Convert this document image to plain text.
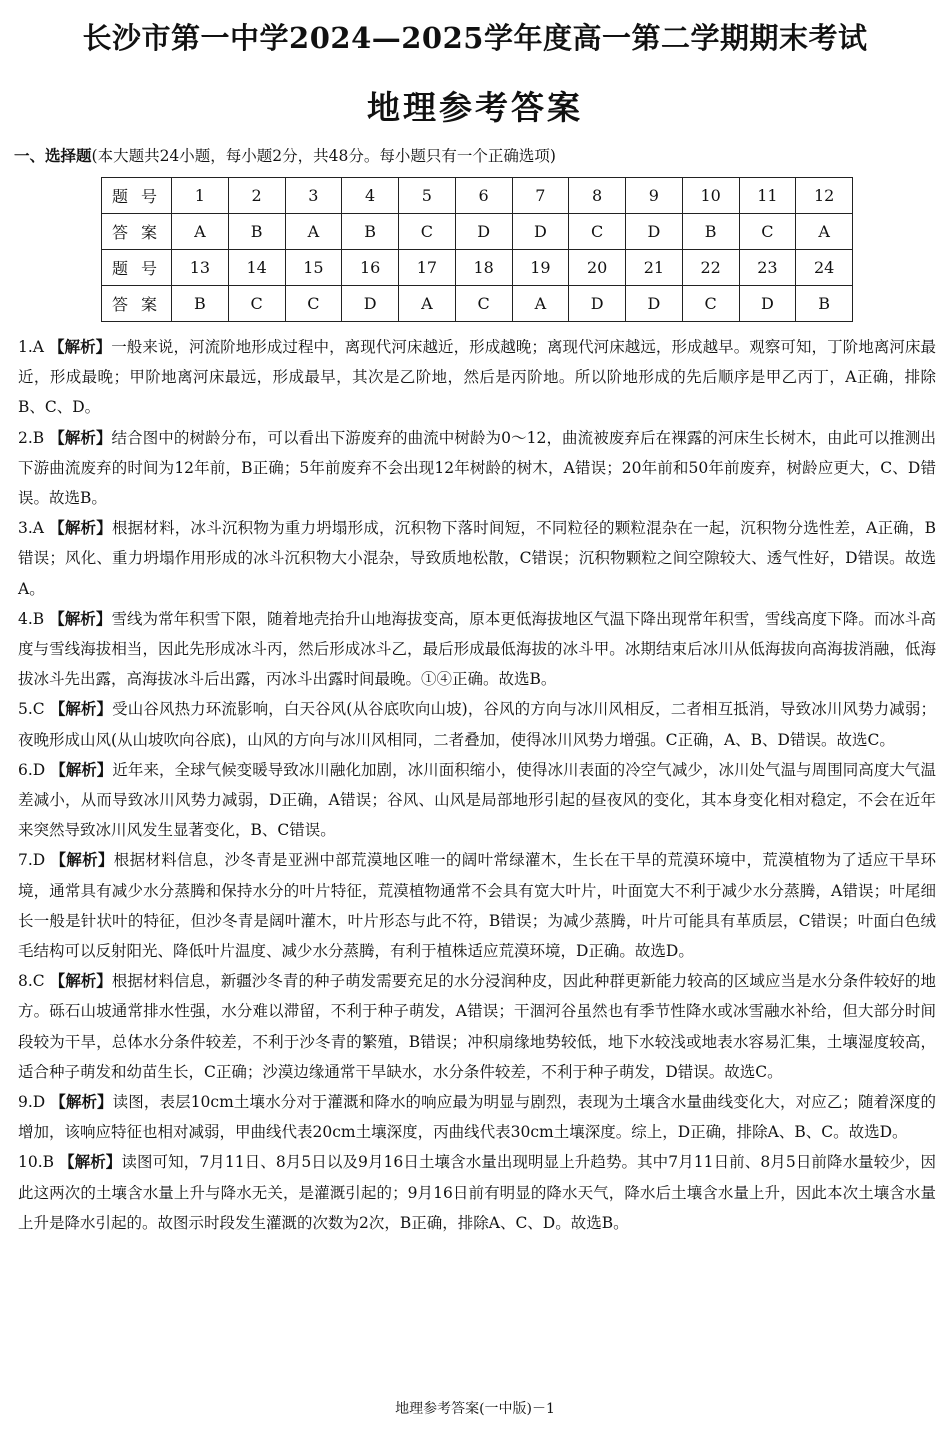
长沙市第一中学2024—2025学年度高一第二学期期末考试
地理参考答案
一、选择题(本大题共24小题，每小题2分，共48分。每小题只有一个正确选项)
题 号	1	2	3	4	5	6	7	8	9	10	11	12
答 案	A	B	A	B	C	D	D	C	D	B	C	A
题 号	13	14	15	16	17	18	19	20	21	22	23	24
答 案	B	C	C	D	A	C	A	D	D	C	D	B

1.A 【解析】一般来说，河流阶地形成过程中，离现代河床越近，形成越晚；离现代河床越远，形成越早。观察可知，丁阶地离河床最近，形成最晚；甲阶地离河床最远，形成最早，其次是乙阶地，然后是丙阶地。所以阶地形成的先后顺序是甲乙丙丁，A正确，排除B、C、D。

2.B 【解析】结合图中的树龄分布，可以看出下游废弃的曲流中树龄为0～12，曲流被废弃后在裸露的河床生长树木，由此可以推测出下游曲流废弃的时间为12年前，B正确；5年前废弃不会出现12年树龄的树木，A错误；20年前和50年前废弃，树龄应更大，C、D错误。故选B。

3.A 【解析】根据材料，冰斗沉积物为重力坍塌形成，沉积物下落时间短，不同粒径的颗粒混杂在一起，沉积物分选性差，A正确，B错误；风化、重力坍塌作用形成的冰斗沉积物大小混杂，导致质地松散，C错误；沉积物颗粒之间空隙较大、透气性好，D错误。故选A。

4.B 【解析】雪线为常年积雪下限，随着地壳抬升山地海拔变高，原本更低海拔地区气温下降出现常年积雪，雪线高度下降。而冰斗高度与雪线海拔相当，因此先形成冰斗丙，然后形成冰斗乙，最后形成最低海拔的冰斗甲。冰期结束后冰川从低海拔向高海拔消融，低海拔冰斗先出露，高海拔冰斗后出露，丙冰斗出露时间最晚。①④正确。故选B。

5.C 【解析】受山谷风热力环流影响，白天谷风(从谷底吹向山坡)，谷风的方向与冰川风相反，二者相互抵消，导致冰川风势力减弱；夜晚形成山风(从山坡吹向谷底)，山风的方向与冰川风相同，二者叠加，使得冰川风势力增强。C正确，A、B、D错误。故选C。

6.D 【解析】近年来，全球气候变暖导致冰川融化加剧，冰川面积缩小，使得冰川表面的冷空气减少，冰川处气温与周围同高度大气温差减小，从而导致冰川风势力减弱，D正确，A错误；谷风、山风是局部地形引起的昼夜风的变化，其本身变化相对稳定，不会在近年来突然导致冰川风发生显著变化，B、C错误。

7.D 【解析】根据材料信息，沙冬青是亚洲中部荒漠地区唯一的阔叶常绿灌木，生长在干旱的荒漠环境中，荒漠植物为了适应干旱环境，通常具有减少水分蒸腾和保持水分的叶片特征，荒漠植物通常不会具有宽大叶片，叶面宽大不利于减少水分蒸腾，A错误；叶尾细长一般是针状叶的特征，但沙冬青是阔叶灌木，叶片形态与此不符，B错误；为减少蒸腾，叶片可能具有革质层，C错误；叶面白色绒毛结构可以反射阳光、降低叶片温度、减少水分蒸腾，有利于植株适应荒漠环境，D正确。故选D。

8.C 【解析】根据材料信息，新疆沙冬青的种子萌发需要充足的水分浸润种皮，因此种群更新能力较高的区域应当是水分条件较好的地方。砾石山坡通常排水性强，水分难以滞留，不利于种子萌发，A错误；干涸河谷虽然也有季节性降水或冰雪融水补给，但大部分时间段较为干旱，总体水分条件较差，不利于沙冬青的繁殖，B错误；冲积扇缘地势较低，地下水较浅或地表水容易汇集，土壤湿度较高，适合种子萌发和幼苗生长，C正确；沙漠边缘通常干旱缺水，水分条件较差，不利于种子萌发，D错误。故选C。

9.D 【解析】读图，表层10cm土壤水分对于灌溉和降水的响应最为明显与剧烈，表现为土壤含水量曲线变化大，对应乙；随着深度的增加，该响应特征也相对减弱，甲曲线代表20cm土壤深度，丙曲线代表30cm土壤深度。综上，D正确，排除A、B、C。故选D。

10.B 【解析】读图可知，7月11日、8月5日以及9月16日土壤含水量出现明显上升趋势。其中7月11日前、8月5日前降水量较少，因此这两次的土壤含水量上升与降水无关，是灌溉引起的；9月16日前有明显的降水天气，降水后土壤含水量上升，因此本次土壤含水量上升是降水引起的。故图示时段发生灌溉的次数为2次，B正确，排除A、C、D。故选B。

地理参考答案(一中版)－1
